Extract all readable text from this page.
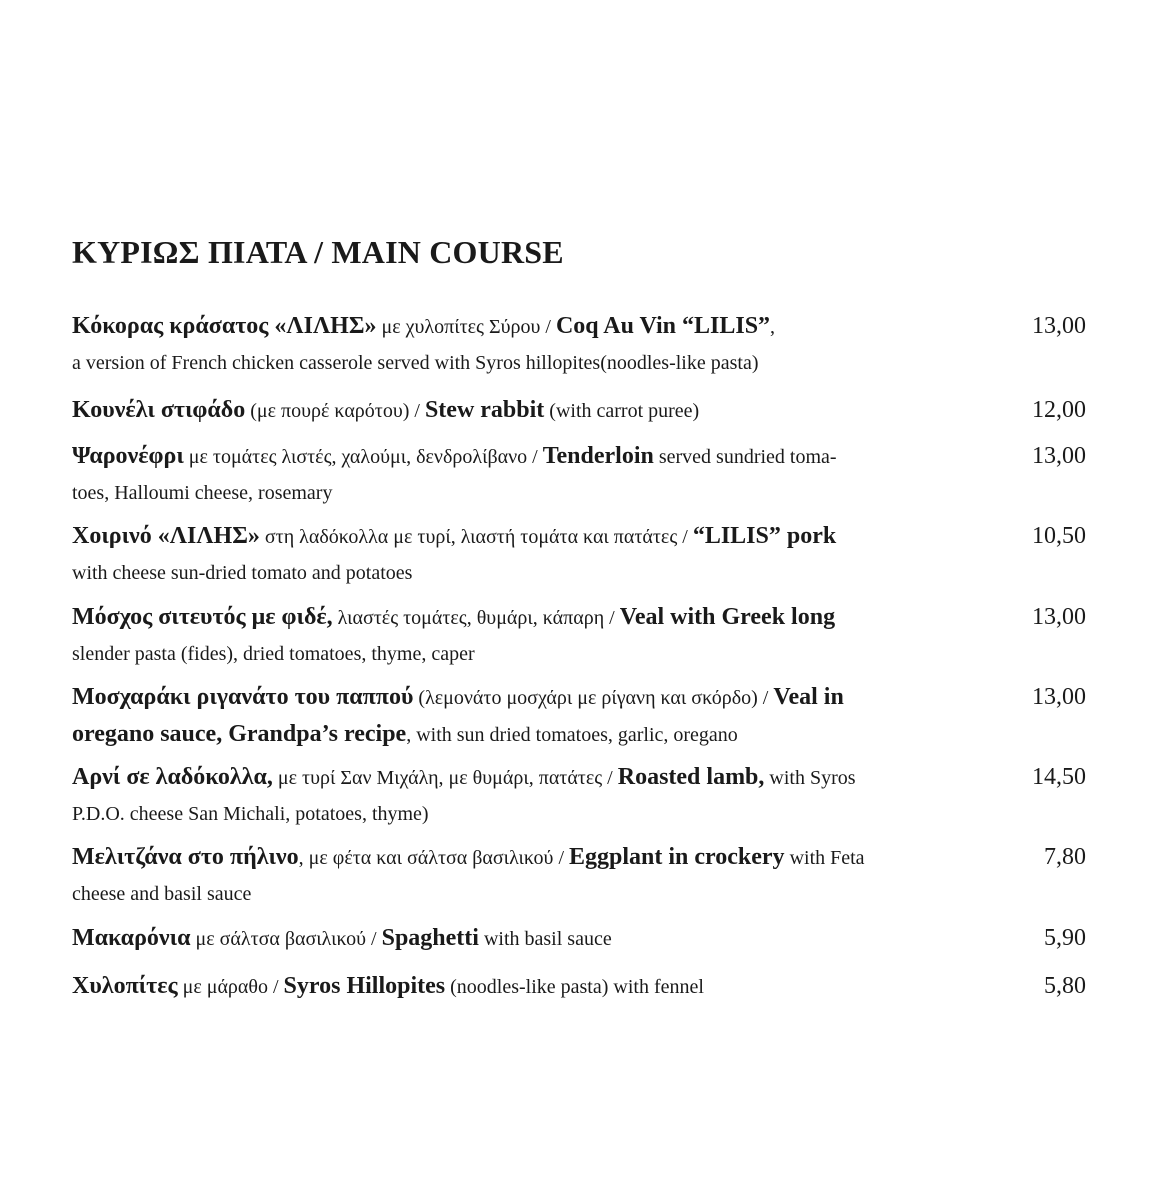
ΚΥΡΙΩΣ ΠΙΑΤΑ / MAIN COURSE
Κόκορας κράσατος «ΛΙΛΗΣ» με χυλοπίτες Σύρου / Coq Au Vin “LILIS”,
a version of French chicken casserole served with Syros hillopites(noodles-like pasta)
13,00
Κουνέλι στιφάδο (με πουρέ καρότου) / Stew rabbit (with carrot puree)	12,00
Ψαρονέφρι με τομάτες λιστές, χαλούμι, δενδρολίβανο / Tenderloin served sundried toma-
toes, Halloumi cheese, rosemary
13,00
Χοιρινό «ΛΙΛΗΣ» στη λαδόκολλα με τυρί, λιαστή τομάτα και πατάτες / “LILIS” pork
with cheese sun-dried tomato and potatoes
10,50
Μόσχος σιτευτός με φιδέ, λιαστές τομάτες, θυμάρι, κάπαρη / Veal with Greek long
slender pasta (fides), dried tomatoes, thyme, caper
13,00
Μοσχαράκι ριγανάτο του παππού (λεμονάτο μοσχάρι με ρίγανη και σκόρδο) / Veal in
oregano sauce, Grandpa’s recipe, with sun dried tomatoes, garlic, oregano
13,00
Αρνί σε λαδόκολλα, με τυρί Σαν Μιχάλη, με θυμάρι, πατάτες / Roasted lamb, with Syros
P.D.O. cheese San Michali, potatoes, thyme)
14,50
Μελιτζάνα στο πήλινο, με φέτα και σάλτσα βασιλικού / Eggplant in crockery with Feta
cheese and basil sauce
7,80
Μακαρόνια με σάλτσα βασιλικού / Spaghetti with basil sauce	5,90
Χυλοπίτες με μάραθο / Syros Hillopites (noodles-like pasta) with fennel	5,80
